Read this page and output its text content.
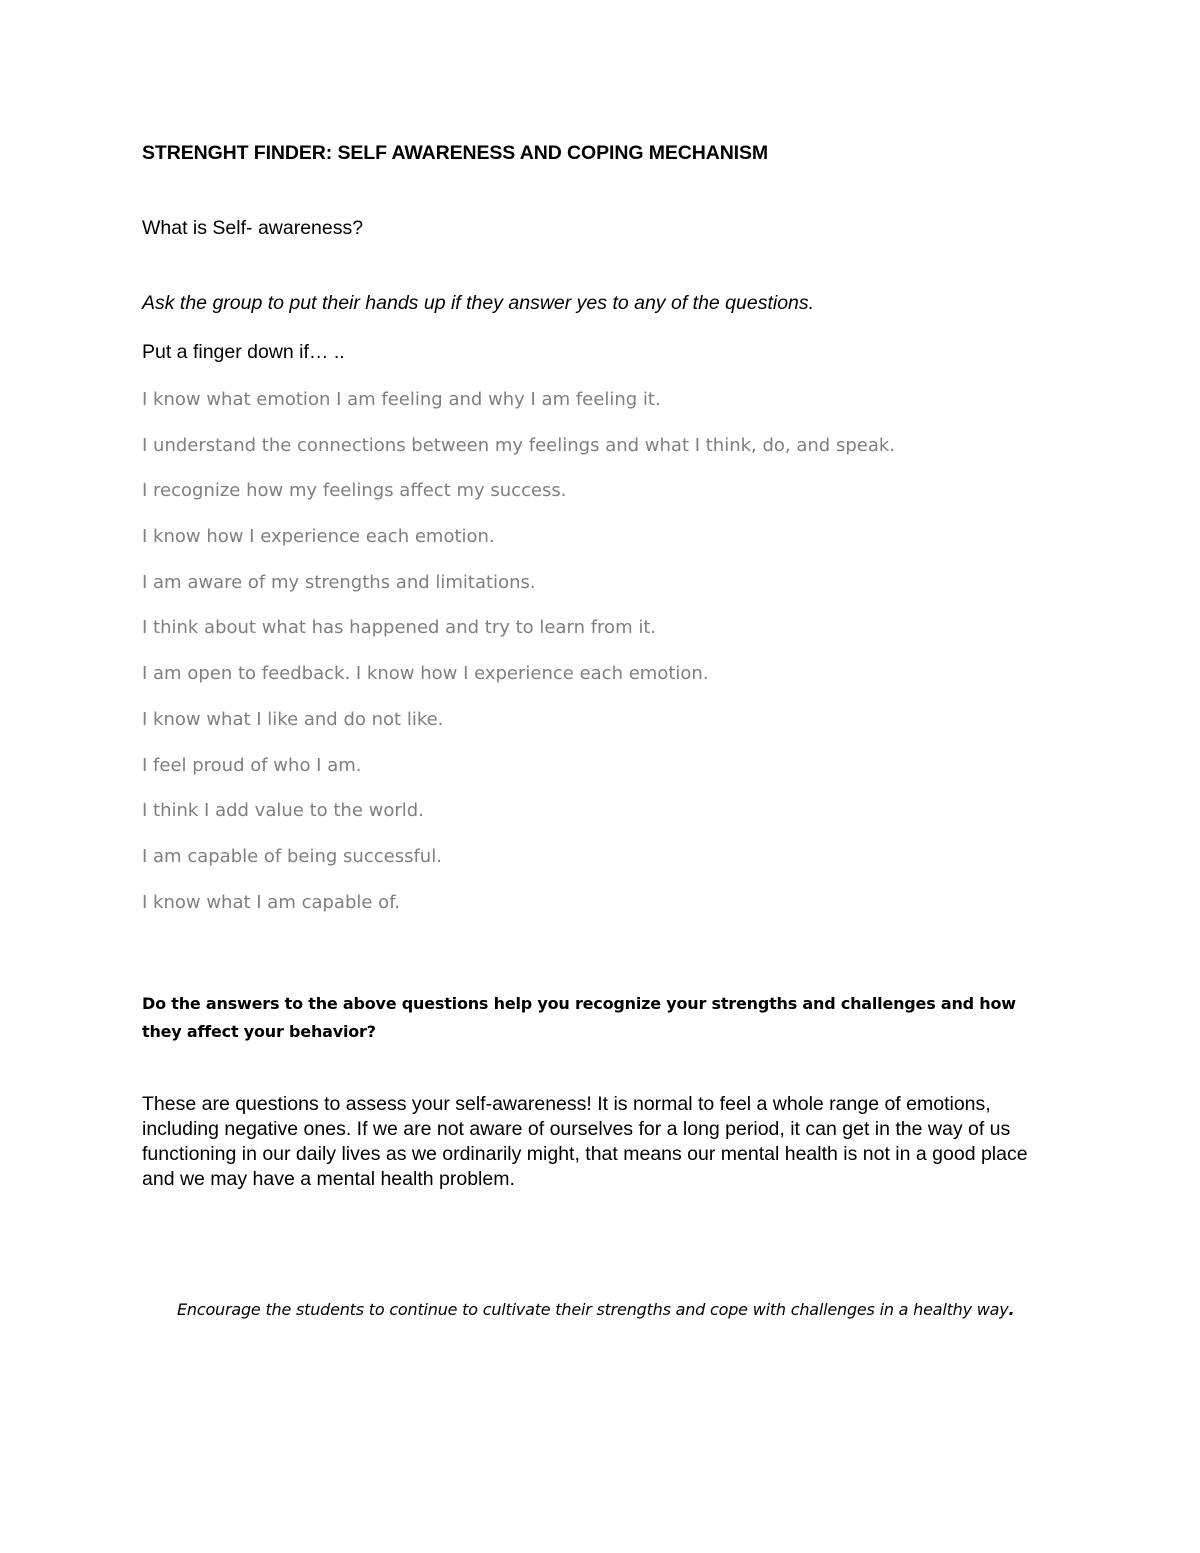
STRENGHT FINDER: SELF AWARENESS AND COPING MECHANISM
What is Self- awareness?
Ask the group to put their hands up if they answer yes to any of the questions.
Put a finger down if… ..
I know what emotion I am feeling and why I am feeling it.
I understand the connections between my feelings and what I think, do, and speak.
I recognize how my feelings affect my success.
I know how I experience each emotion.
I am aware of my strengths and limitations.
I think about what has happened and try to learn from it.
I am open to feedback. I know how I experience each emotion.
I know what I like and do not like.
I feel proud of who I am.
I think I add value to the world.
I am capable of being successful.
I know what I am capable of.
Do the answers to the above questions help you recognize your strengths and challenges and how they affect your behavior?
These are questions to assess your self-awareness! It is normal to feel a whole range of emotions, including negative ones. If we are not aware of ourselves for a long period, it can get in the way of us functioning in our daily lives as we ordinarily might, that means our mental health is not in a good place and we may have a mental health problem.
Encourage the students to continue to cultivate their strengths and cope with challenges in a healthy way.
